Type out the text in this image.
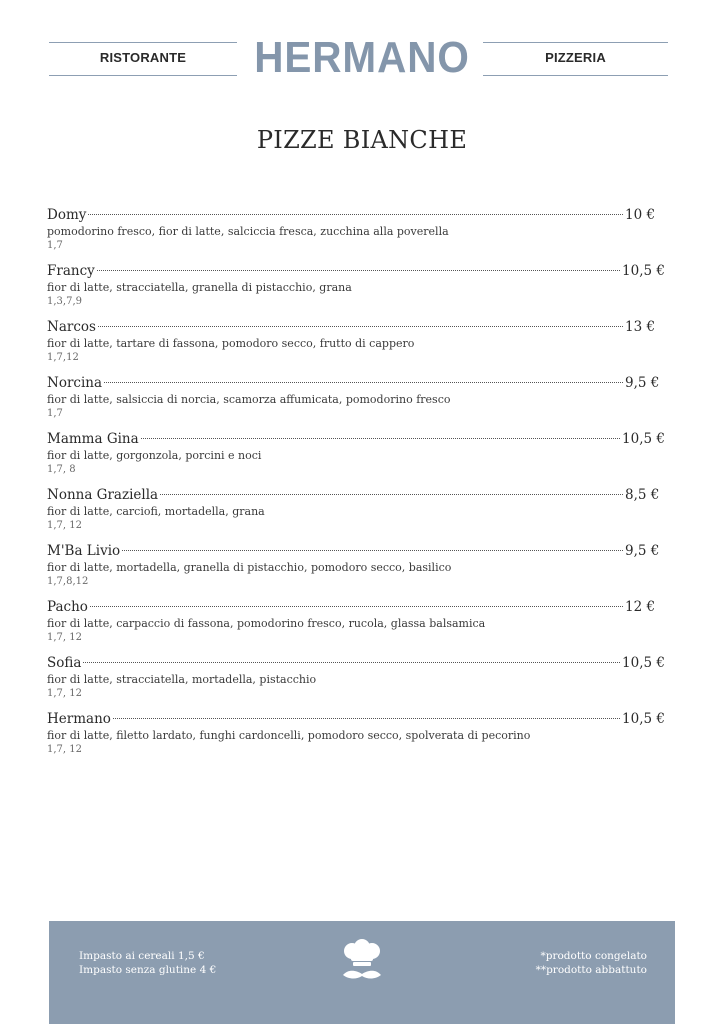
RISTORANTE	HERMANO	PIZZERIA
PIZZE BIANCHE
Domy	10 €
pomodorino fresco, fior di latte, salciccia fresca, zucchina alla poverella
1,7
Francy	10,5 €
fior di latte, stracciatella, granella di pistacchio, grana
1,3,7,9
Narcos	13 €
fior di latte, tartare di fassona, pomodoro secco, frutto di cappero
1,7,12
Norcina	9,5 €
fior di latte, salsiccia di norcia, scamorza affumicata, pomodorino fresco
1,7
Mamma Gina	10,5 €
fior di latte, gorgonzola, porcini e noci
1,7, 8
Nonna Graziella	8,5 €
fior di latte, carciofi, mortadella, grana
1,7, 12
M'Ba Livio	9,5 €
fior di latte, mortadella, granella di pistacchio, pomodoro secco, basilico
1,7,8,12
Pacho	12 €
fior di latte, carpaccio di fassona, pomodorino fresco, rucola, glassa balsamica
1,7, 12
Sofia	10,5 €
fior di latte, stracciatella, mortadella, pistacchio
1,7, 12
Hermano	10,5 €
fior di latte, filetto lardato, funghi cardoncelli, pomodoro secco, spolverata di pecorino
1,7, 12
Impasto ai cereali 1,5 €
Impasto senza glutine 4 €
*prodotto congelato
**prodotto abbattuto
